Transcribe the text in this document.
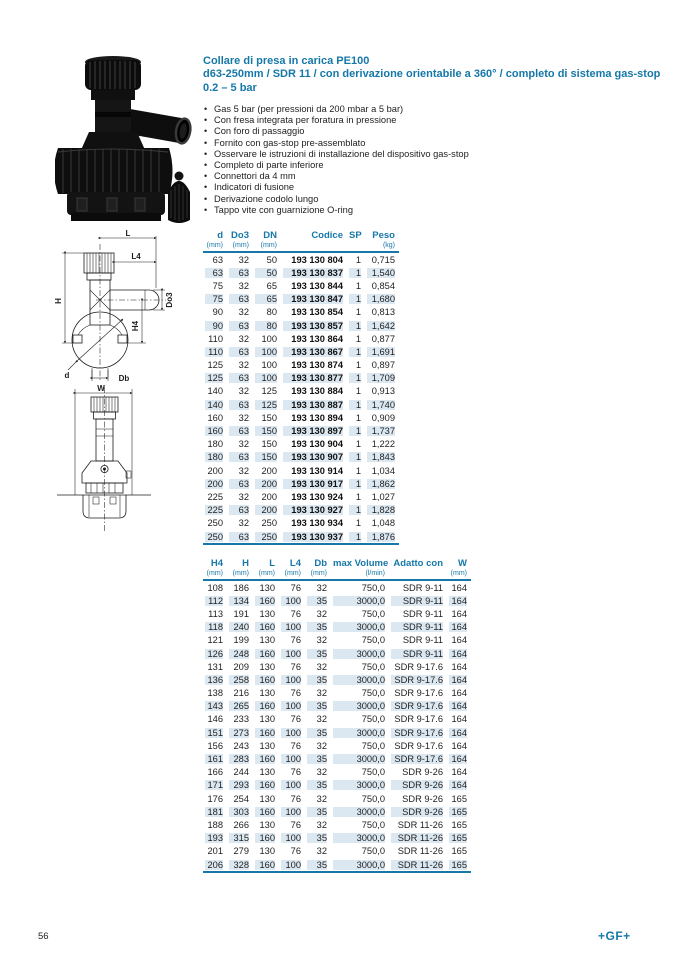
L
L4
H
H4
Do3
Db
d
W
Collare di presa in carica PE100
d63-250mm / SDR 11 / con derivazione orientabile a 360° / completo di sistema gas-stop 0.2 – 5 bar
• Gas 5 bar (per pressioni da 200 mbar a 5 bar)
• Con fresa integrata per foratura in pressione
• Con foro di passaggio
• Fornito con gas-stop pre-assemblato
• Osservare le istruzioni di installazione del dispositivo gas-stop
• Completo di parte inferiore
• Connettori da 4 mm
• Indicatori di fusione
• Derivazione codolo lungo
• Tappo vite con guarnizione O-ring
d	Do3	DN	Codice	SP	Peso
(mm)	(mm)	(mm)			(kg)
63	32	50	193 130 804	1	0,715
63	63	50	193 130 837	1	1,540
75	32	65	193 130 844	1	0,854
75	63	65	193 130 847	1	1,680
90	32	80	193 130 854	1	0,813
90	63	80	193 130 857	1	1,642
110	32	100	193 130 864	1	0,877
110	63	100	193 130 867	1	1,691
125	32	100	193 130 874	1	0,897
125	63	100	193 130 877	1	1,709
140	32	125	193 130 884	1	0,913
140	63	125	193 130 887	1	1,740
160	32	150	193 130 894	1	0,909
160	63	150	193 130 897	1	1,737
180	32	150	193 130 904	1	1,222
180	63	150	193 130 907	1	1,843
200	32	200	193 130 914	1	1,034
200	63	200	193 130 917	1	1,862
225	32	200	193 130 924	1	1,027
225	63	200	193 130 927	1	1,828
250	32	250	193 130 934	1	1,048
250	63	250	193 130 937	1	1,876
H4	H	L	L4	Db	max Volume	Adatto con	W
(mm)	(mm)	(mm)	(mm)	(mm)	(l/min)		(mm)
108	186	130	76	32	750,0	SDR 9-11	164
112	134	160	100	35	3000,0	SDR 9-11	164
113	191	130	76	32	750,0	SDR 9-11	164
118	240	160	100	35	3000,0	SDR 9-11	164
121	199	130	76	32	750,0	SDR 9-11	164
126	248	160	100	35	3000,0	SDR 9-11	164
131	209	130	76	32	750,0	SDR 9-17.6	164
136	258	160	100	35	3000,0	SDR 9-17.6	164
138	216	130	76	32	750,0	SDR 9-17.6	164
143	265	160	100	35	3000,0	SDR 9-17.6	164
146	233	130	76	32	750,0	SDR 9-17.6	164
151	273	160	100	35	3000,0	SDR 9-17.6	164
156	243	130	76	32	750,0	SDR 9-17.6	164
161	283	160	100	35	3000,0	SDR 9-17.6	164
166	244	130	76	32	750,0	SDR 9-26	164
171	293	160	100	35	3000,0	SDR 9-26	164
176	254	130	76	32	750,0	SDR 9-26	165
181	303	160	100	35	3000,0	SDR 9-26	165
188	266	130	76	32	750,0	SDR 11-26	165
193	315	160	100	35	3000,0	SDR 11-26	165
201	279	130	76	32	750,0	SDR 11-26	165
206	328	160	100	35	3000,0	SDR 11-26	165
56	+GF+
